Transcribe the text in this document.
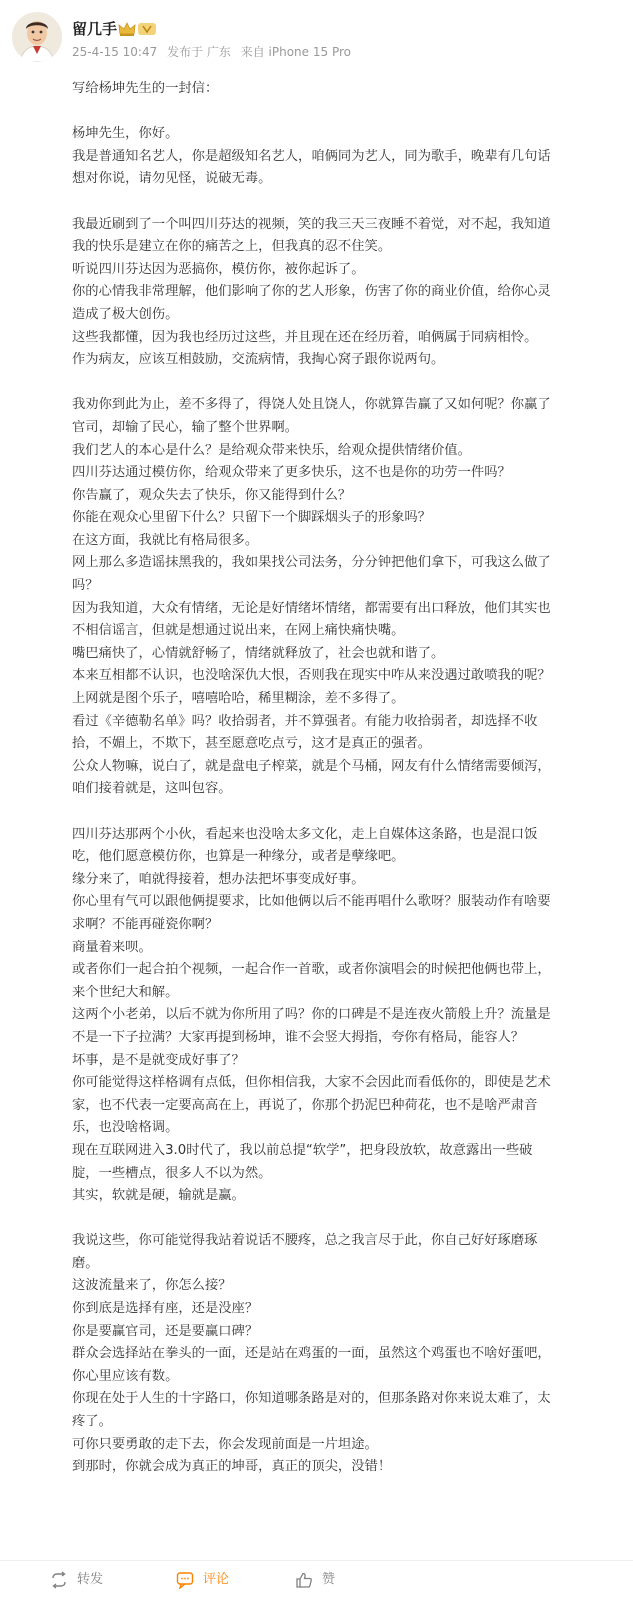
留几手
25-4-15 10:47 发布于 广东 来自 iPhone 15 Pro

写给杨坤先生的一封信：

杨坤先生，你好。

我是普通知名艺人，你是超级知名艺人，咱俩同为艺人，同为歌手，晚辈有几句话

想对你说，请勿见怪，说破无毒。

我最近刷到了一个叫四川芬达的视频，笑的我三天三夜睡不着觉，对不起，我知道

我的快乐是建立在你的痛苦之上，但我真的忍不住笑。

听说四川芬达因为恶搞你，模仿你，被你起诉了。

你的心情我非常理解，他们影响了你的艺人形象，伤害了你的商业价值，给你心灵

造成了极大创伤。

这些我都懂，因为我也经历过这些，并且现在还在经历着，咱俩属于同病相怜。

作为病友，应该互相鼓励，交流病情，我掏心窝子跟你说两句。

我劝你到此为止，差不多得了，得饶人处且饶人，你就算告赢了又如何呢？你赢了

官司，却输了民心，输了整个世界啊。

我们艺人的本心是什么？是给观众带来快乐，给观众提供情绪价值。

四川芬达通过模仿你，给观众带来了更多快乐，这不也是你的功劳一件吗？

你告赢了，观众失去了快乐，你又能得到什么？

你能在观众心里留下什么？只留下一个脚踩烟头子的形象吗？

在这方面，我就比有格局很多。

网上那么多造谣抹黑我的，我如果找公司法务，分分钟把他们拿下，可我这么做了

吗？

因为我知道，大众有情绪，无论是好情绪坏情绪，都需要有出口释放，他们其实也

不相信谣言，但就是想通过说出来，在网上痛快痛快嘴。

嘴巴痛快了，心情就舒畅了，情绪就释放了，社会也就和谐了。

本来互相都不认识，也没啥深仇大恨，否则我在现实中咋从来没遇过敢喷我的呢？

上网就是图个乐子，嘻嘻哈哈，稀里糊涂，差不多得了。

看过《辛德勒名单》吗？收拾弱者，并不算强者。有能力收拾弱者，却选择不收

拾，不媚上，不欺下，甚至愿意吃点亏，这才是真正的强者。

公众人物嘛，说白了，就是盘电子榨菜，就是个马桶，网友有什么情绪需要倾泻，

咱们接着就是，这叫包容。

四川芬达那两个小伙，看起来也没啥太多文化，走上自媒体这条路，也是混口饭

吃，他们愿意模仿你，也算是一种缘分，或者是孽缘吧。

缘分来了，咱就得接着，想办法把坏事变成好事。

你心里有气可以跟他俩提要求，比如他俩以后不能再唱什么歌呀？服装动作有啥要

求啊？不能再碰瓷你啊？

商量着来呗。

或者你们一起合拍个视频，一起合作一首歌，或者你演唱会的时候把他俩也带上，

来个世纪大和解。

这两个小老弟，以后不就为你所用了吗？你的口碑是不是连夜火箭般上升？流量是

不是一下子拉满？大家再提到杨坤，谁不会竖大拇指，夸你有格局，能容人？

坏事，是不是就变成好事了？

你可能觉得这样格调有点低，但你相信我，大家不会因此而看低你的，即使是艺术

家，也不代表一定要高高在上，再说了，你那个扔泥巴种荷花，也不是啥严肃音

乐，也没啥格调。

现在互联网进入3.0时代了，我以前总提“软学”，把身段放软，故意露出一些破

腚，一些槽点，很多人不以为然。

其实，软就是硬，输就是赢。

我说这些，你可能觉得我站着说话不腰疼，总之我言尽于此，你自己好好琢磨琢

磨。

这波流量来了，你怎么接？

你到底是选择有座，还是没座？

你是要赢官司，还是要赢口碑？

群众会选择站在拳头的一面，还是站在鸡蛋的一面，虽然这个鸡蛋也不啥好蛋吧，

你心里应该有数。

你现在处于人生的十字路口，你知道哪条路是对的，但那条路对你来说太难了，太

疼了。

可你只要勇敢的走下去，你会发现前面是一片坦途。

到那时，你就会成为真正的坤哥，真正的顶尖，没错！

转发	评论	赞
